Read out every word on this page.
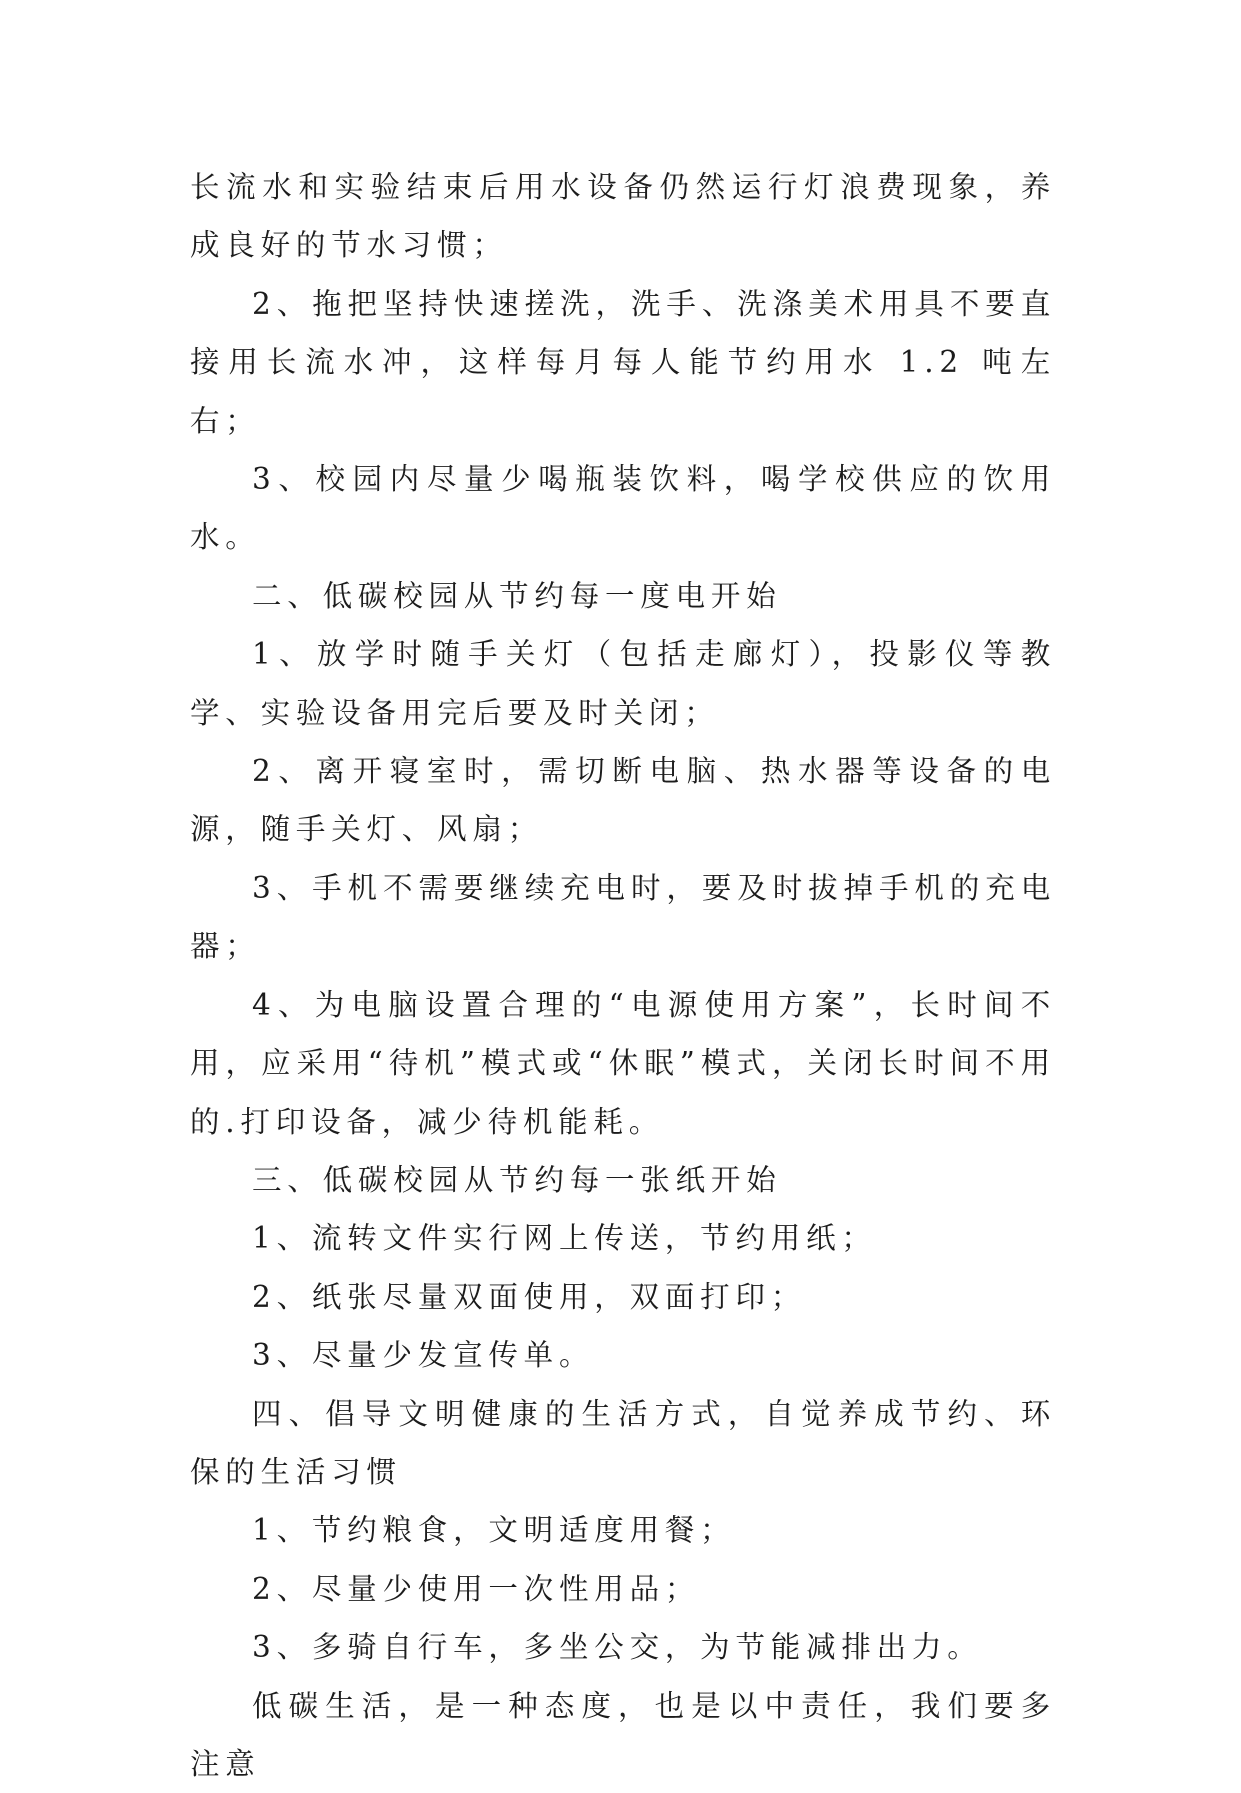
长流水和实验结束后用水设备仍然运行灯浪费现象，养成良好的节水习惯；

2、拖把坚持快速搓洗，洗手、洗涤美术用具不要直接用长流水冲，这样每月每人能节约用水 1.2 吨左右；

3、校园内尽量少喝瓶装饮料，喝学校供应的饮用水。

二、低碳校园从节约每一度电开始

1、放学时随手关灯（包括走廊灯），投影仪等教学、实验设备用完后要及时关闭；

2、离开寝室时，需切断电脑、热水器等设备的电源，随手关灯、风扇；

3、手机不需要继续充电时，要及时拔掉手机的充电器；

4、为电脑设置合理的“电源使用方案”，长时间不用，应采用“待机”模式或“休眠”模式，关闭长时间不用的.打印设备，减少待机能耗。

三、低碳校园从节约每一张纸开始

1、流转文件实行网上传送，节约用纸；

2、纸张尽量双面使用，双面打印；

3、尽量少发宣传单。

四、倡导文明健康的生活方式，自觉养成节约、环保的生活习惯

1、节约粮食，文明适度用餐；

2、尽量少使用一次性用品；

3、多骑自行车，多坐公交，为节能减排出力。

低碳生活，是一种态度，也是以中责任，我们要多注意
